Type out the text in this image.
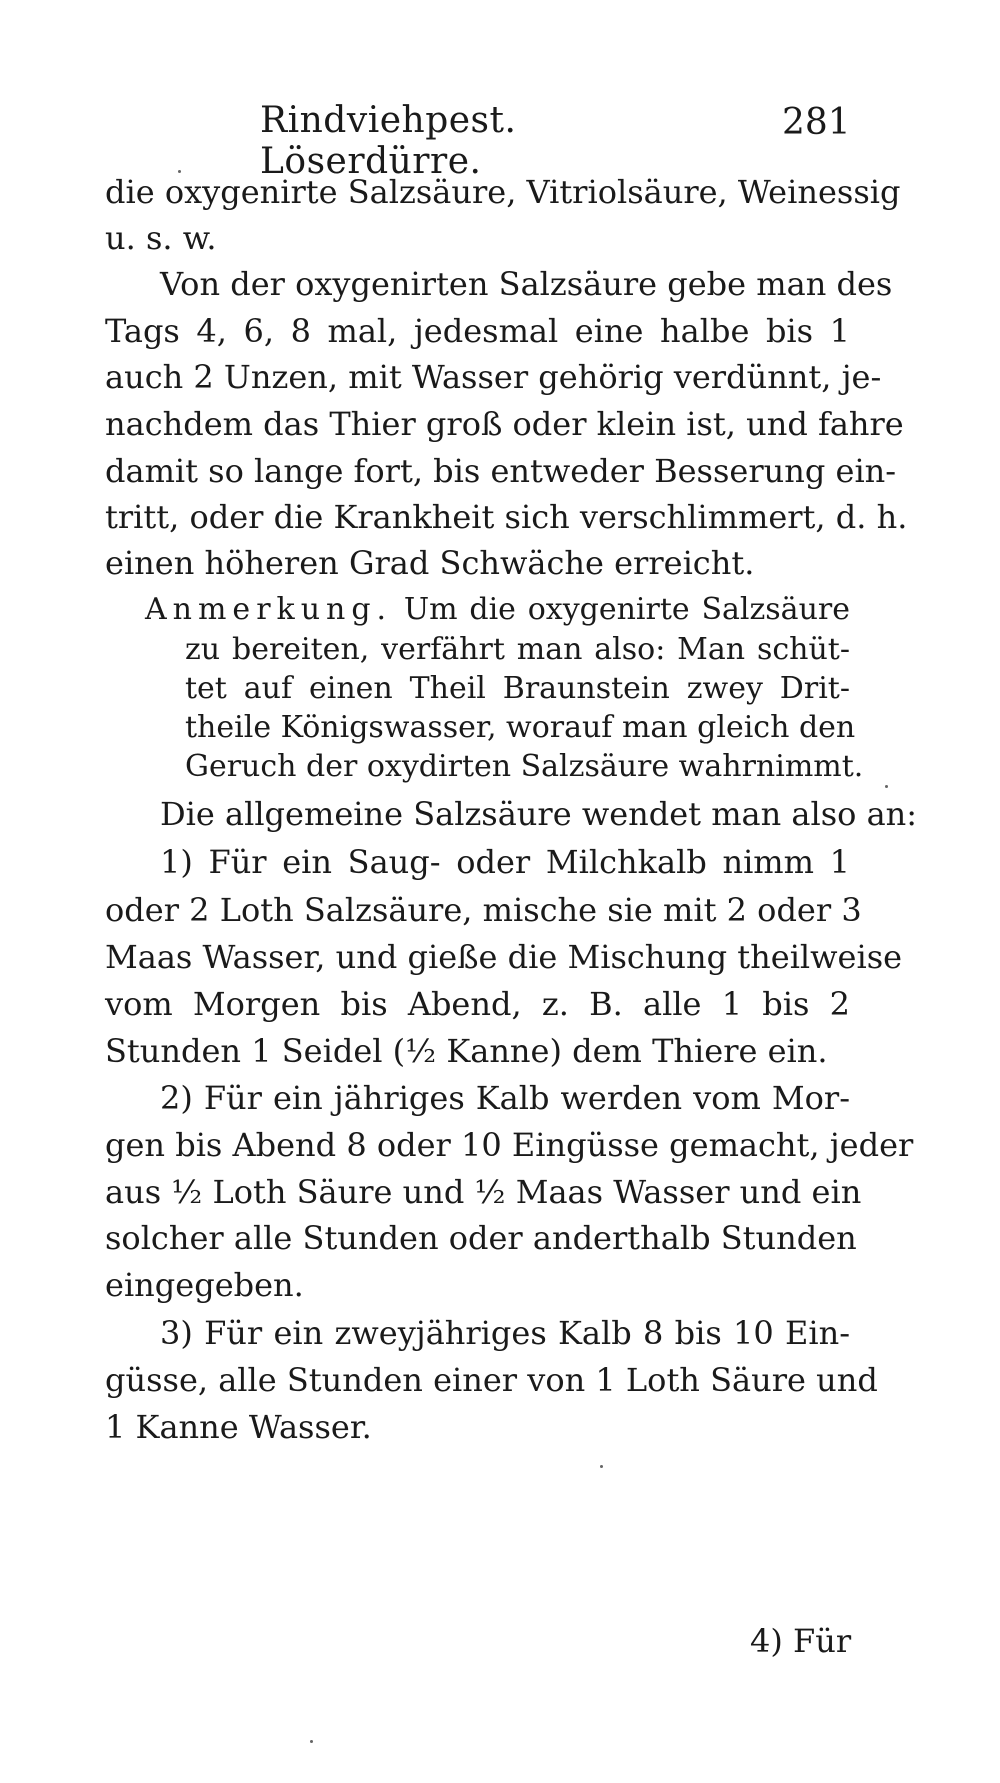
Rindviehpest. Löserdürre.
281
die oxygenirte Salzsäure, Vitriolsäure, Weinessig
u. s. w.
Von der oxygenirten Salzsäure gebe man des
Tags 4, 6, 8 mal, jedesmal eine halbe bis 1
auch 2 Unzen, mit Wasser gehörig verdünnt, je-
nachdem das Thier groß oder klein ist, und fahre
damit so lange fort, bis entweder Besserung ein-
tritt, oder die Krankheit sich verschlimmert, d. h.
einen höheren Grad Schwäche erreicht.
Anmerkung. Um die oxygenirte Salzsäure
zu bereiten, verfährt man also: Man schüt-
tet auf einen Theil Braunstein zwey Drit-
theile Königswasser, worauf man gleich den
Geruch der oxydirten Salzsäure wahrnimmt.
Die allgemeine Salzsäure wendet man also an:
1) Für ein Saug- oder Milchkalb nimm 1
oder 2 Loth Salzsäure, mische sie mit 2 oder 3
Maas Wasser, und gieße die Mischung theilweise
vom Morgen bis Abend, z. B. alle 1 bis 2
Stunden 1 Seidel (½ Kanne) dem Thiere ein.
2) Für ein jähriges Kalb werden vom Mor-
gen bis Abend 8 oder 10 Eingüsse gemacht, jeder
aus ½ Loth Säure und ½ Maas Wasser und ein
solcher alle Stunden oder anderthalb Stunden
eingegeben.
3) Für ein zweyjähriges Kalb 8 bis 10 Ein-
güsse, alle Stunden einer von 1 Loth Säure und
1 Kanne Wasser.
4) Für
